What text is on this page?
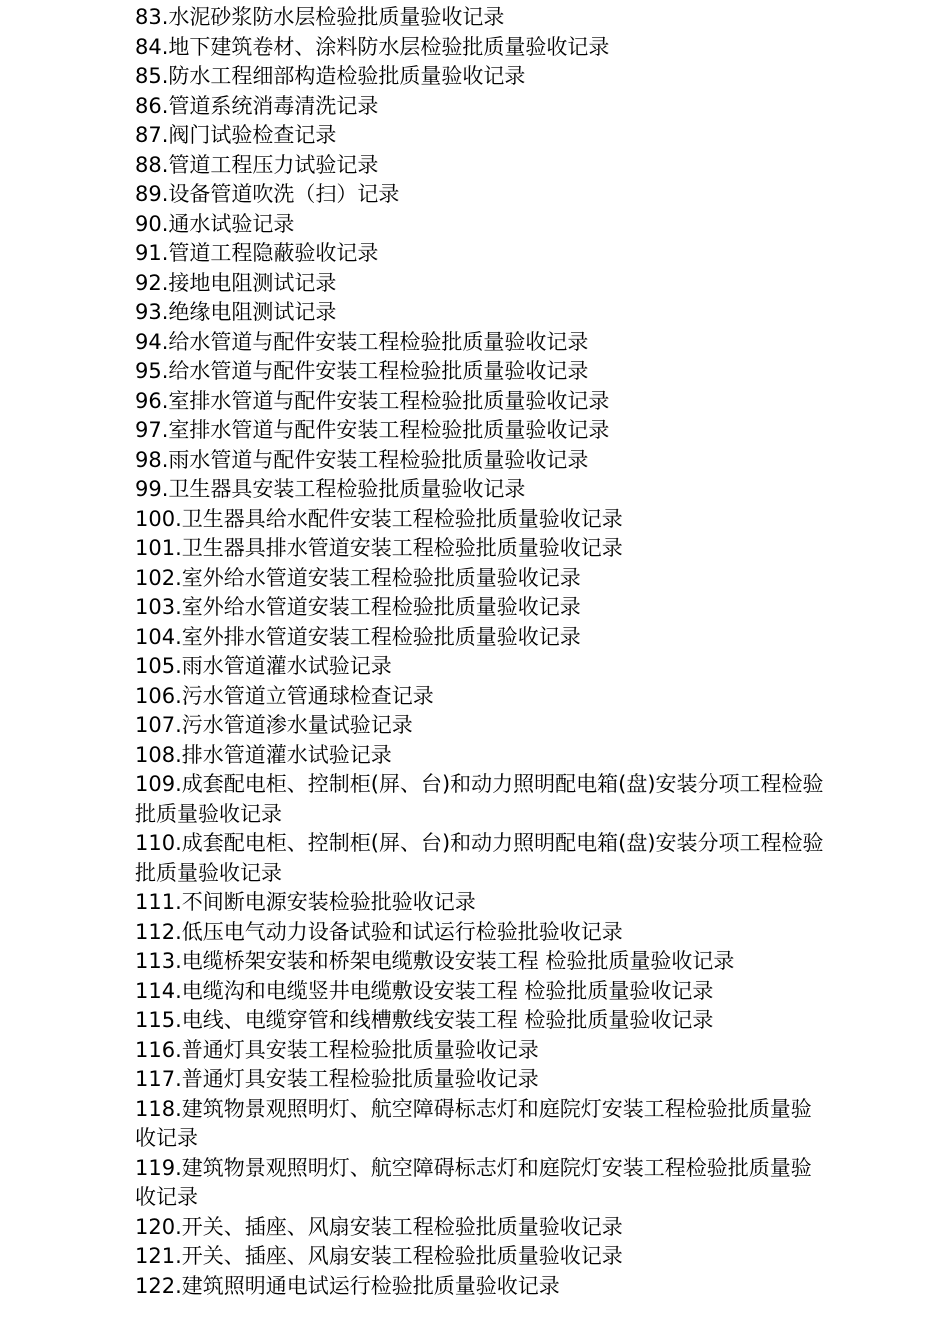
83.水泥砂浆防水层检验批质量验收记录
84.地下建筑卷材、涂料防水层检验批质量验收记录
85.防水工程细部构造检验批质量验收记录
86.管道系统消毒清洗记录
87.阀门试验检查记录
88.管道工程压力试验记录
89.设备管道吹洗（扫）记录
90.通水试验记录
91.管道工程隐蔽验收记录
92.接地电阻测试记录
93.绝缘电阻测试记录
94.给水管道与配件安装工程检验批质量验收记录
95.给水管道与配件安装工程检验批质量验收记录
96.室排水管道与配件安装工程检验批质量验收记录
97.室排水管道与配件安装工程检验批质量验收记录
98.雨水管道与配件安装工程检验批质量验收记录
99.卫生器具安装工程检验批质量验收记录
100.卫生器具给水配件安装工程检验批质量验收记录
101.卫生器具排水管道安装工程检验批质量验收记录
102.室外给水管道安装工程检验批质量验收记录
103.室外给水管道安装工程检验批质量验收记录
104.室外排水管道安装工程检验批质量验收记录
105.雨水管道灌水试验记录
106.污水管道立管通球检查记录
107.污水管道渗水量试验记录
108.排水管道灌水试验记录
109.成套配电柜、控制柜(屏、台)和动力照明配电箱(盘)安装分项工程检验批质量验收记录
110.成套配电柜、控制柜(屏、台)和动力照明配电箱(盘)安装分项工程检验批质量验收记录
111.不间断电源安装检验批验收记录
112.低压电气动力设备试验和试运行检验批验收记录
113.电缆桥架安装和桥架电缆敷设安装工程 检验批质量验收记录
114.电缆沟和电缆竖井电缆敷设安装工程 检验批质量验收记录
115.电线、电缆穿管和线槽敷线安装工程 检验批质量验收记录
116.普通灯具安装工程检验批质量验收记录
117.普通灯具安装工程检验批质量验收记录
118.建筑物景观照明灯、航空障碍标志灯和庭院灯安装工程检验批质量验收记录
119.建筑物景观照明灯、航空障碍标志灯和庭院灯安装工程检验批质量验收记录
120.开关、插座、风扇安装工程检验批质量验收记录
121.开关、插座、风扇安装工程检验批质量验收记录
122.建筑照明通电试运行检验批质量验收记录
